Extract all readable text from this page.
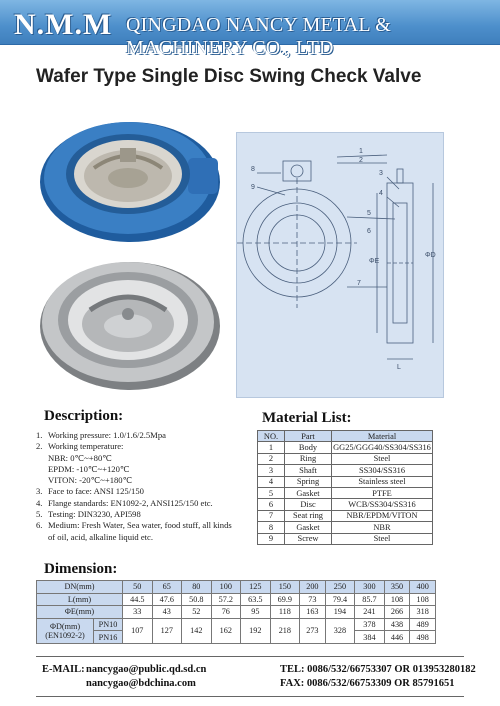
N.M.M QINGDAO NANCY METAL & MACHINERY CO., LTD
Wafer Type Single Disc Swing Check Valve
1
2
3
4
5
6
7
8
9
ΦE
ΦD
L
Description:
1. Working pressure: 1.0/1.6/2.5Mpa
2. Working temperature:
NBR: 0℃~+80℃
EPDM: -10℃~+120℃
VITON: -20℃~+180℃
3. Face to face: ANSI 125/150
4. Flange standards: EN1092-2, ANSI125/150 etc.
5. Testing: DIN3230, API598
6. Medium: Fresh Water, Sea water, food stuff, all kinds
of oil, acid, alkaline liquid etc.
Material List:
NO.	Part	Material
1	Body	GG25/GGG40/SS304/SS316
2	Ring	Steel
3	Shaft	SS304/SS316
4	Spring	Stainless steel
5	Gasket	PTFE
6	Disc	WCB/SS304/SS316
7	Seat ring	NBR/EPDM/VITON
8	Gasket	NBR
9	Screw	Steel
Dimension:
DN(mm)		50	65	80	100	125	150	200	250	300	350	400
L(mm)		44.5	47.6	50.8	57.2	63.5	69.9	73	79.4	85.7	108	108
ΦE(mm)		33	43	52	76	95	118	163	194	241	266	318
ΦD(mm)
(EN1092-2)	PN10	107	127	142	162	192	218	273	328	378	438	489
	PN16									384	446	498
E-MAIL: nancygao@public.qd.sd.cn
nancygao@bdchina.com
TEL: 0086/532/66753307 OR 013953280182
FAX: 0086/532/66753309 OR 85791651
